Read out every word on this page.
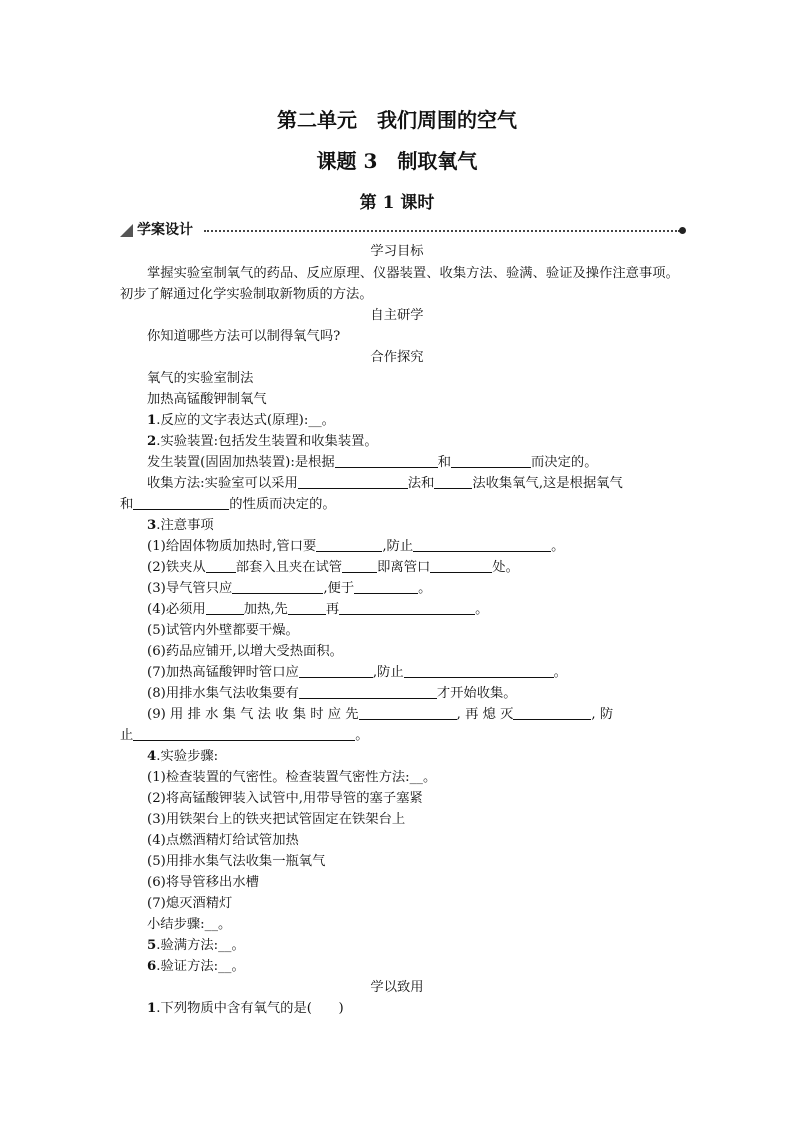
第二单元　我们周围的空气
课题 3　制取氧气
第 1 课时
学案设计
学习目标
掌握实验室制氧气的药品、反应原理、仪器装置、收集方法、验满、验证及操作注意事项。初步了解通过化学实验制取新物质的方法。
自主研学
你知道哪些方法可以制得氧气吗?
合作探究
氧气的实验室制法
加热高锰酸钾制氧气
1.反应的文字表达式(原理):__。
2.实验装置:包括发生装置和收集装置。
发生装置(固固加热装置):是根据	和	而决定的。
收集方法:实验室可以采用	法和	法收集氧气,这是根据氧气
和	的性质而决定的。
3.注意事项
(1)给固体物质加热时,管口要	,防止	。
(2)铁夹从 部套入且夹在试管	即离管口	处。
(3)导气管只应	,便于	。
(4)必须用	加热,先	再	。
(5)试管内外壁都要干燥。
(6)药品应铺开,以增大受热面积。
(7)加热高锰酸钾时管口应	,防止	。
(8)用排水集气法收集要有	才开始收集。
(9) 用 排 水 集 气 法 收 集 时 应 先	, 再 熄 灭	, 防
止	。
4.实验步骤:
(1)检查装置的气密性。检查装置气密性方法:__。
(2)将高锰酸钾装入试管中,用带导管的塞子塞紧
(3)用铁架台上的铁夹把试管固定在铁架台上
(4)点燃酒精灯给试管加热
(5)用排水集气法收集一瓶氧气
(6)将导管移出水槽
(7)熄灭酒精灯
小结步骤:__。
5.验满方法:__。
6.验证方法:__。
学以致用
1.下列物质中含有氧气的是(　　)
